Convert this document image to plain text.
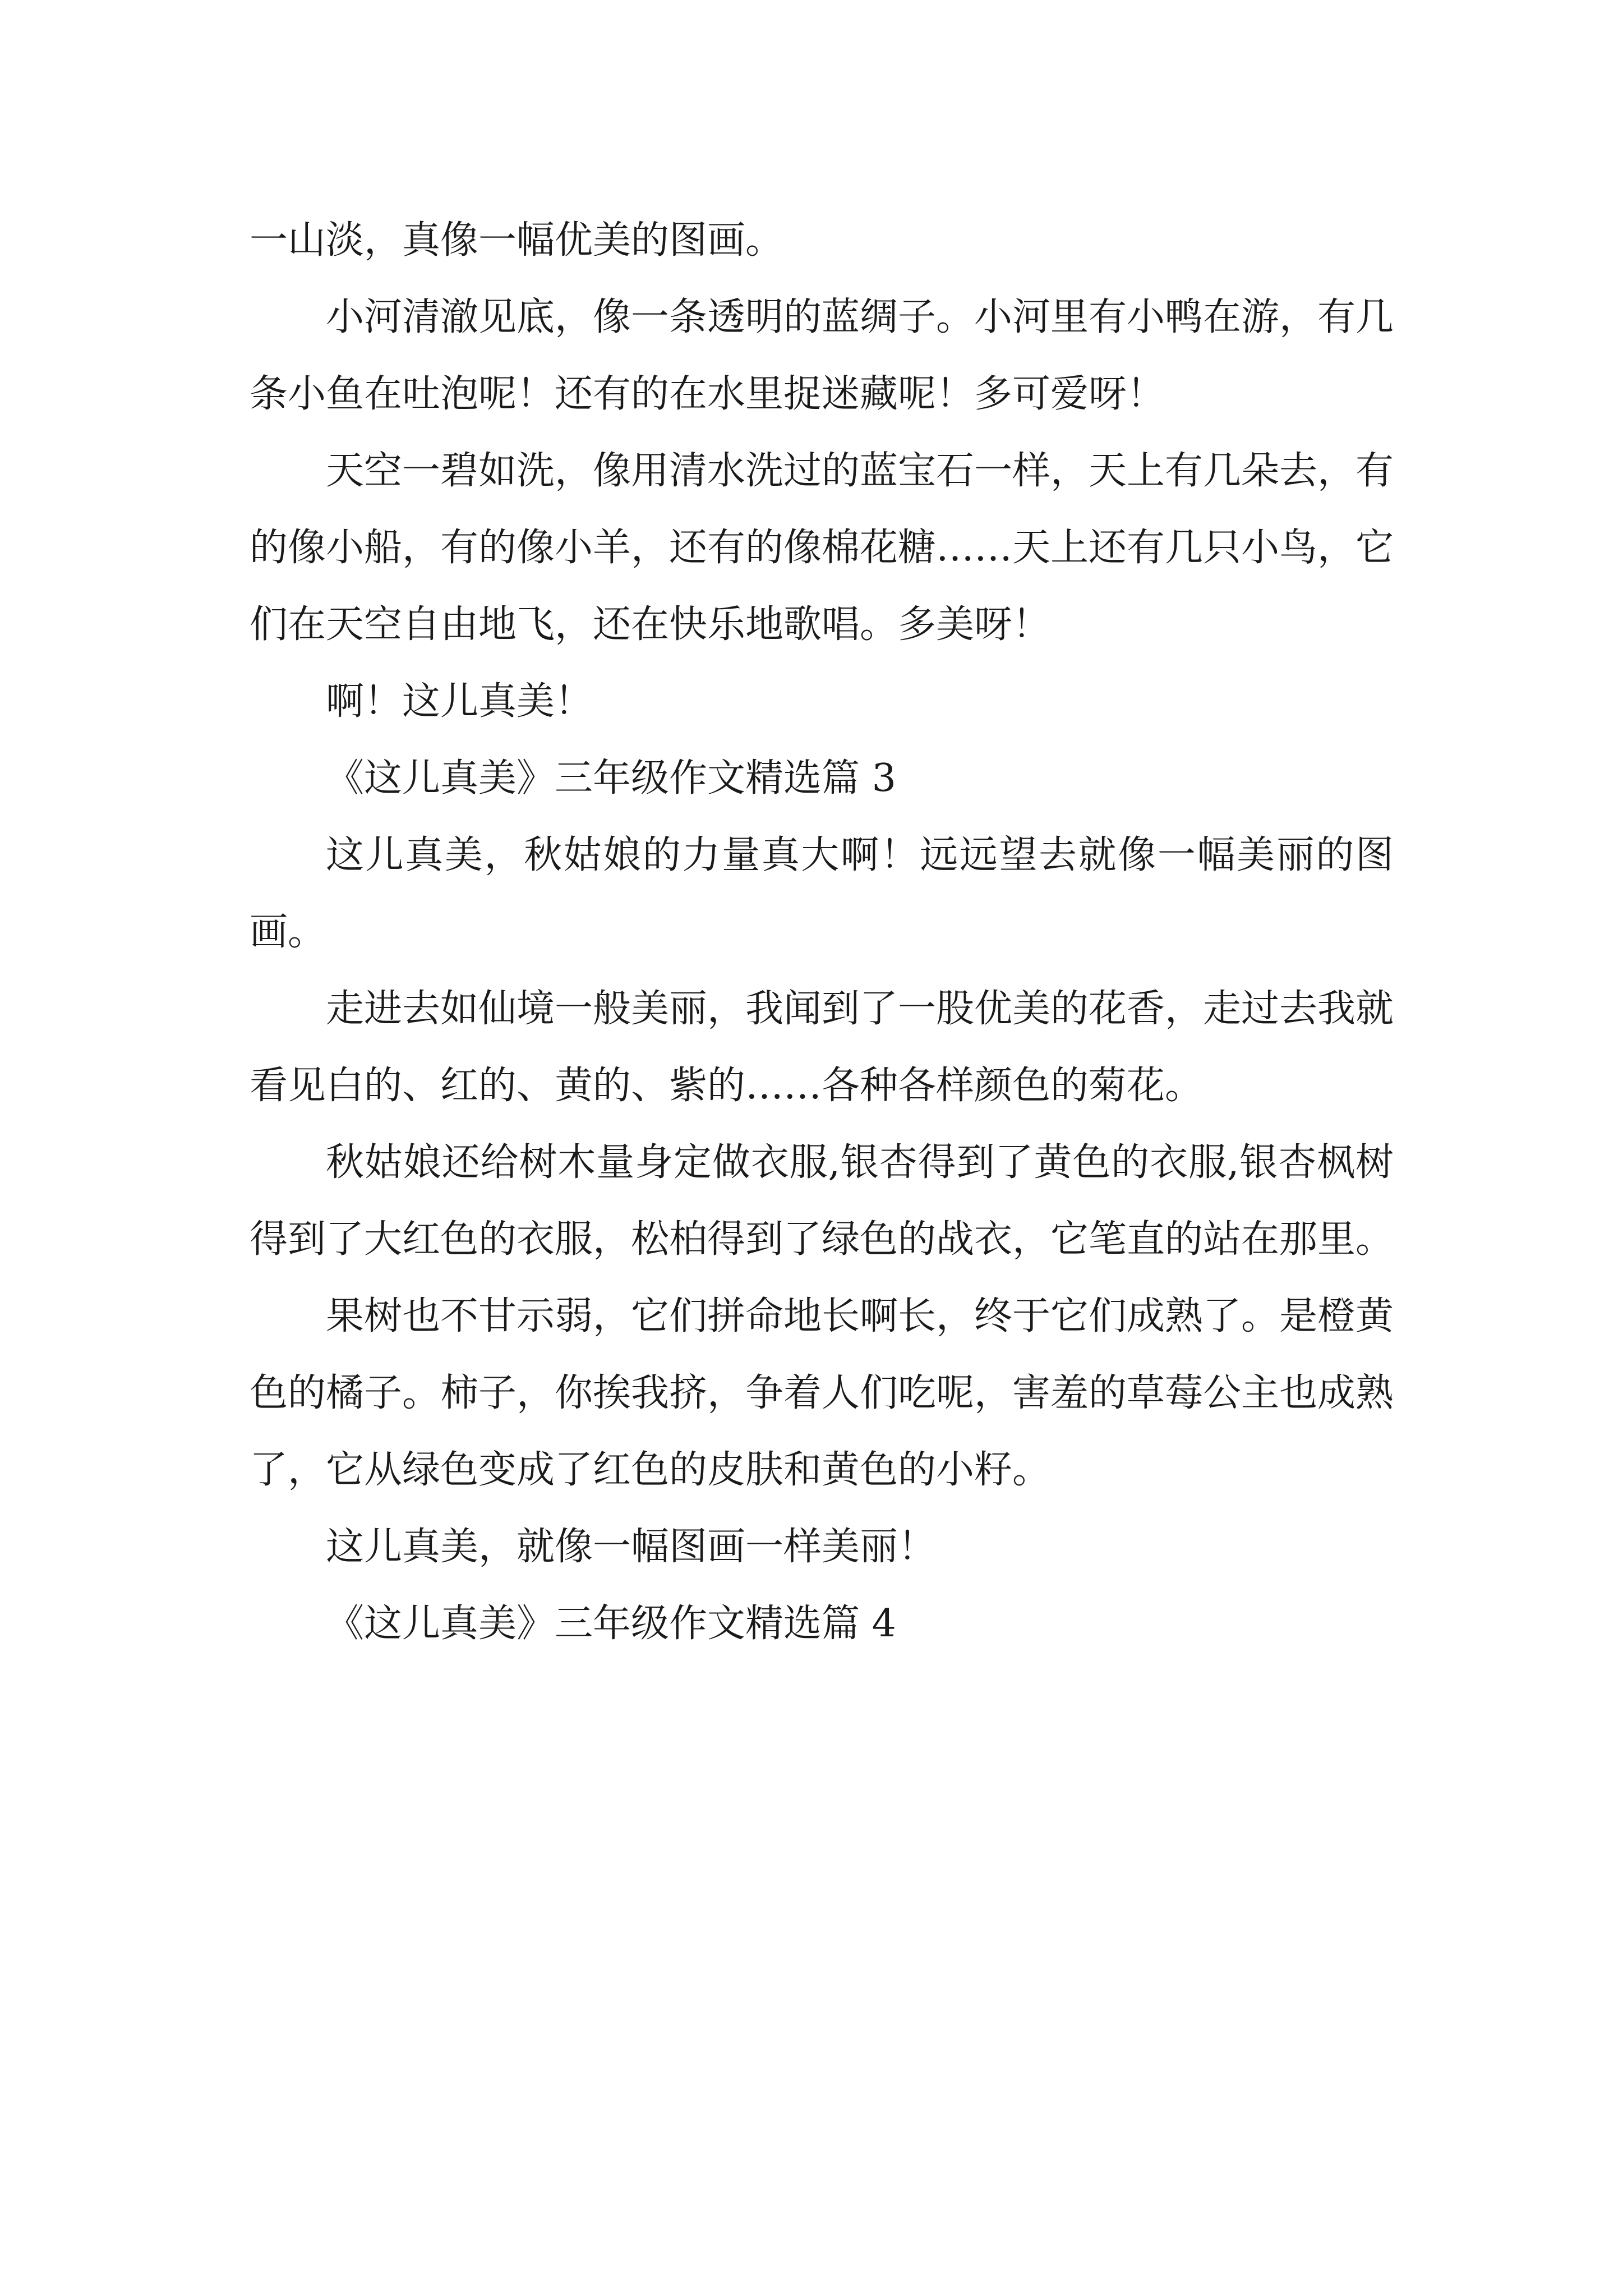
一山淡，真像一幅优美的图画。

小河清澈见底，像一条透明的蓝绸子。小河里有小鸭在游，有几条小鱼在吐泡呢！还有的在水里捉迷藏呢！多可爱呀！

天空一碧如洗，像用清水洗过的蓝宝石一样，天上有几朵去，有的像小船，有的像小羊，还有的像棉花糖……天上还有几只小鸟，它们在天空自由地飞，还在快乐地歌唱。多美呀！

啊！这儿真美！

《这儿真美》三年级作文精选篇 3

这儿真美，秋姑娘的力量真大啊！远远望去就像一幅美丽的图画。

走进去如仙境一般美丽，我闻到了一股优美的花香，走过去我就看见白的、红的、黄的、紫的……各种各样颜色的菊花。

秋姑娘还给树木量身定做衣服,银杏得到了黄色的衣服,银杏枫树得到了大红色的衣服，松柏得到了绿色的战衣，它笔直的站在那里。

果树也不甘示弱，它们拼命地长啊长，终于它们成熟了。是橙黄色的橘子。柿子，你挨我挤，争着人们吃呢，害羞的草莓公主也成熟了，它从绿色变成了红色的皮肤和黄色的小籽。

这儿真美，就像一幅图画一样美丽！

《这儿真美》三年级作文精选篇 4
